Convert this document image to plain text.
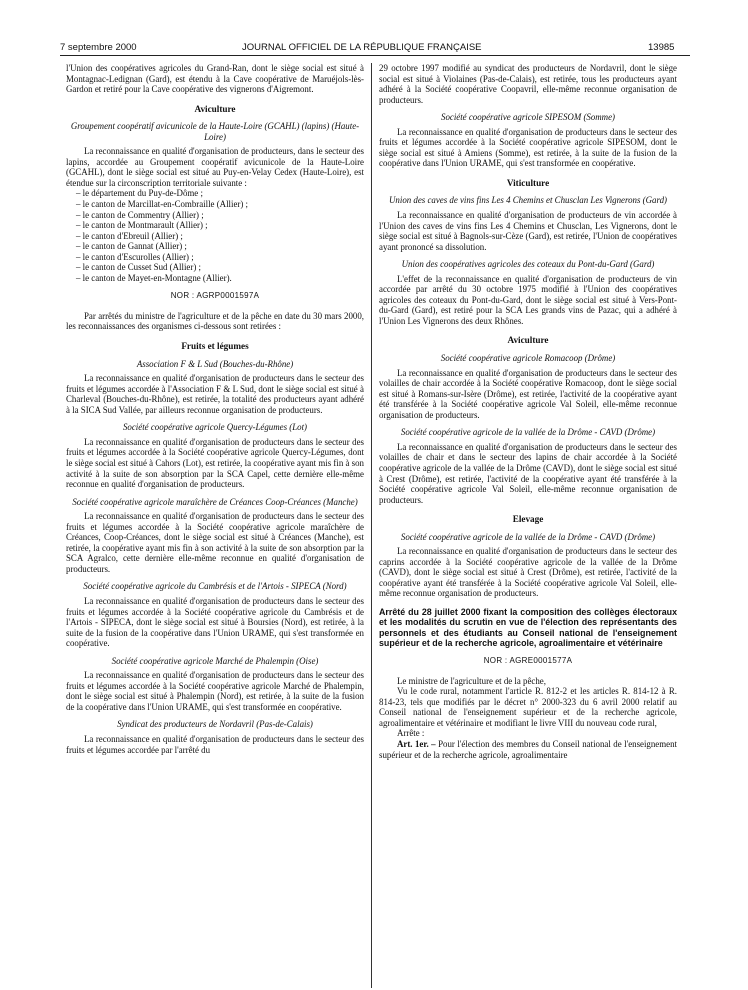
7 septembre 2000	JOURNAL OFFICIEL DE LA RÉPUBLIQUE FRANÇAISE	13985

l'Union des coopératives agricoles du Grand-Ran, dont le siège social est situé à Montagnac-Ledignan (Gard), est étendu à la Cave coopérative de Maruéjols-lès-Gardon et retiré pour la Cave coopérative des vignerons d'Aigremont.

Aviculture
Groupement coopératif avicunicole de la Haute-Loire (GCAHL) (lapins) (Haute-Loire)

La reconnaissance en qualité d'organisation de producteurs, dans le secteur des lapins, accordée au Groupement coopératif avicunicole de la Haute-Loire (GCAHL), dont le siège social est situé au Puy-en-Velay Cedex (Haute-Loire), est étendue sur la circonscription territoriale suivante :

– le département du Puy-de-Dôme ;
– le canton de Marcillat-en-Combraille (Allier) ;
– le canton de Commentry (Allier) ;
– le canton de Montmarault (Allier) ;
– le canton d'Ebreuil (Allier) ;
– le canton de Gannat (Allier) ;
– le canton d'Escurolles (Allier) ;
– le canton de Cusset Sud (Allier) ;
– le canton de Mayet-en-Montagne (Allier).
NOR : AGRP0001597A

Par arrêtés du ministre de l'agriculture et de la pêche en date du 30 mars 2000, les reconnaissances des organismes ci-dessous sont retirées :

Fruits et légumes
Association F & L Sud (Bouches-du-Rhône)

La reconnaissance en qualité d'organisation de producteurs dans le secteur des fruits et légumes accordée à l'Association F & L Sud, dont le siège social est situé à Charleval (Bouches-du-Rhône), est retirée, la totalité des producteurs ayant adhéré à la SICA Sud Vallée, par ailleurs reconnue organisation de producteurs.

Société coopérative agricole Quercy-Légumes (Lot)

La reconnaissance en qualité d'organisation de producteurs dans le secteur des fruits et légumes accordée à la Société coopérative agricole Quercy-Légumes, dont le siège social est situé à Cahors (Lot), est retirée, la coopérative ayant mis fin à son activité à la suite de son absorption par la SCA Capel, cette dernière elle-même reconnue en qualité d'organisation de producteurs.

Société coopérative agricole maraîchère de Créances Coop-Créances (Manche)

La reconnaissance en qualité d'organisation de producteurs dans le secteur des fruits et légumes accordée à la Société coopérative agricole maraîchère de Créances, Coop-Créances, dont le siège social est situé à Créances (Manche), est retirée, la coopérative ayant mis fin à son activité à la suite de son absorption par la SCA Agralco, cette dernière elle-même reconnue en qualité d'organisation de producteurs.

Société coopérative agricole du Cambrésis et de l'Artois - SIPECA (Nord)

La reconnaissance en qualité d'organisation de producteurs dans le secteur des fruits et légumes accordée à la Société coopérative agricole du Cambrésis et de l'Artois - SIPECA, dont le siège social est situé à Boursies (Nord), est retirée, à la suite de la fusion de la coopérative dans l'Union URAME, qui s'est transformée en coopérative.

Société coopérative agricole Marché de Phalempin (Oise)

La reconnaissance en qualité d'organisation de producteurs dans le secteur des fruits et légumes accordée à la Société coopérative agricole Marché de Phalempin, dont le siège social est situé à Phalempin (Nord), est retirée, à la suite de la fusion de la coopérative dans l'Union URAME, qui s'est transformée en coopérative.

Syndicat des producteurs de Nordavril (Pas-de-Calais)

La reconnaissance en qualité d'organisation de producteurs dans le secteur des fruits et légumes accordée par l'arrêté du

29 octobre 1997 modifié au syndicat des producteurs de Nordavril, dont le siège social est situé à Violaines (Pas-de-Calais), est retirée, tous les producteurs ayant adhéré à la Société coopérative Coopavril, elle-même reconnue organisation de producteurs.

Société coopérative agricole SIPESOM (Somme)

La reconnaissance en qualité d'organisation de producteurs dans le secteur des fruits et légumes accordée à la Société coopérative agricole SIPESOM, dont le siège social est situé à Amiens (Somme), est retirée, à la suite de la fusion de la coopérative dans l'Union URAME, qui s'est transformée en coopérative.

Viticulture
Union des caves de vins fins Les 4 Chemins et Chusclan Les Vignerons (Gard)

La reconnaissance en qualité d'organisation de producteurs de vin accordée à l'Union des caves de vins fins Les 4 Chemins et Chusclan, Les Vignerons, dont le siège social est situé à Bagnols-sur-Cèze (Gard), est retirée, l'Union de coopératives ayant prononcé sa dissolution.

Union des coopératives agricoles des coteaux du Pont-du-Gard (Gard)

L'effet de la reconnaissance en qualité d'organisation de producteurs de vin accordée par arrêté du 30 octobre 1975 modifié à l'Union des coopératives agricoles des coteaux du Pont-du-Gard, dont le siège social est situé à Vers-Pont-du-Gard (Gard), est retiré pour la SCA Les grands vins de Pazac, qui a adhéré à l'Union Les Vignerons des deux Rhônes.

Aviculture
Société coopérative agricole Romacoop (Drôme)

La reconnaissance en qualité d'organisation de producteurs dans le secteur des volailles de chair accordée à la Société coopérative Romacoop, dont le siège social est situé à Romans-sur-Isère (Drôme), est retirée, l'activité de la coopérative ayant été transférée à la Société coopérative agricole Val Soleil, elle-même reconnue organisation de producteurs.

Société coopérative agricole de la vallée de la Drôme - CAVD (Drôme)

La reconnaissance en qualité d'organisation de producteurs dans le secteur des volailles de chair et dans le secteur des lapins de chair accordée à la Société coopérative agricole de la vallée de la Drôme (CAVD), dont le siège social est situé à Crest (Drôme), est retirée, l'activité de la coopérative ayant été transférée à la Société coopérative agricole Val Soleil, elle-même reconnue organisation de producteurs.

Elevage
Société coopérative agricole de la vallée de la Drôme - CAVD (Drôme)

La reconnaissance en qualité d'organisation de producteurs dans le secteur des caprins accordée à la Société coopérative agricole de la vallée de la Drôme (CAVD), dont le siège social est situé à Crest (Drôme), est retirée, l'activité de la coopérative ayant été transférée à la Société coopérative agricole Val Soleil, elle-même reconnue organisation de producteurs.

Arrêté du 28 juillet 2000 fixant la composition des collèges électoraux et les modalités du scrutin en vue de l'élection des représentants des personnels et des étudiants au Conseil national de l'enseignement supérieur et de la recherche agricole, agroalimentaire et vétérinaire
NOR : AGRE0001577A

Le ministre de l'agriculture et de la pêche,

Vu le code rural, notamment l'article R. 812-2 et les articles R. 814-12 à R. 814-23, tels que modifiés par le décret n° 2000-323 du 6 avril 2000 relatif au Conseil national de l'enseignement supérieur et de la recherche agricole, agroalimentaire et vétérinaire et modifiant le livre VIII du nouveau code rural,

Arrête :

Art. 1er. – Pour l'élection des membres du Conseil national de l'enseignement supérieur et de la recherche agricole, agroalimentaire
